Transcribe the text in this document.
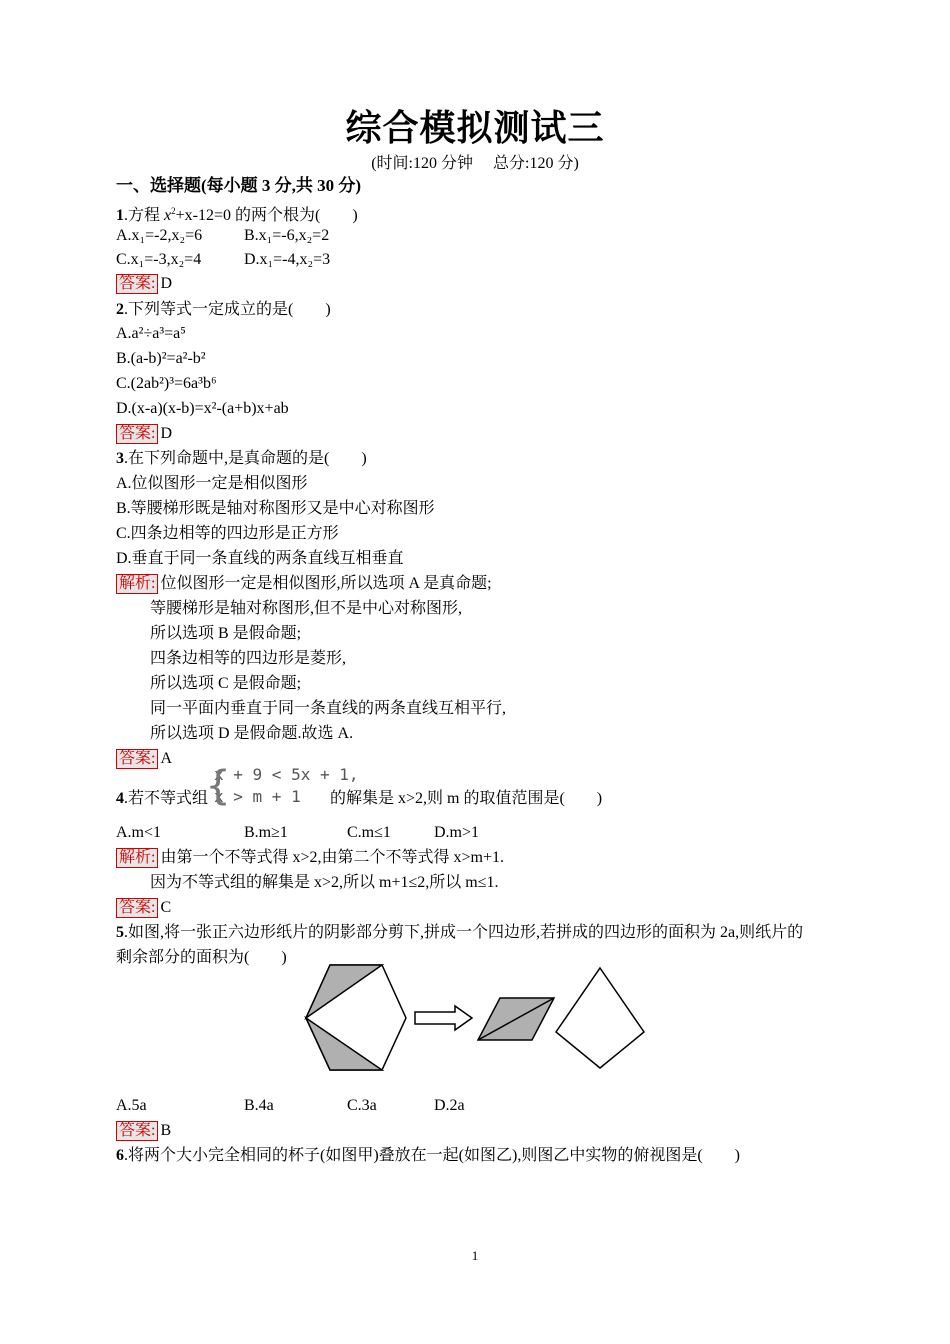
综合模拟测试三
(时间:120 分钟　 总分:120 分)
一、选择题(每小题 3 分,共 30 分)
1.方程 $x^2+x-12=0$ 的两个根为(　　)
A.x₁=-2,x₂=6	B.x₁=-6,x₂=2
C.x₁=-3,x₂=4	D.x₁=-4,x₂=3
答案: D
2.下列等式一定成立的是(　　)
A.a²÷a³=a⁵
B.(a-b)²=a²-b²
C.(2ab²)³=6a³b⁶
D.(x-a)(x-b)=x²-(a+b)x+ab
答案: D
3.在下列命题中,是真命题的是(　　)
A.位似图形一定是相似图形
B.等腰梯形既是轴对称图形又是中心对称图形
C.四条边相等的四边形是正方形
D.垂直于同一条直线的两条直线互相垂直
解析: 位似图形一定是相似图形,所以选项 A 是真命题;
等腰梯形是轴对称图形,但不是中心对称图形,
所以选项 B 是假命题;
四条边相等的四边形是菱形,
所以选项 C 是假命题;
同一平面内垂直于同一条直线的两条直线互相平行,
所以选项 D 是假命题.故选 A.
答案: A
{
x + 9 < 5x + 1,
x > m + 1
4.若不等式组	的解集是 x>2,则 m 的取值范围是(　　)
A.m<1	B.m≥1	C.m≤1	D.m>1
解析: 由第一个不等式得 x>2,由第二个不等式得 x>m+1.
因为不等式组的解集是 x>2,所以 m+1≤2,所以 m≤1.
答案: C
5.如图,将一张正六边形纸片的阴影部分剪下,拼成一个四边形,若拼成的四边形的面积为 2a,则纸片的
剩余部分的面积为(　　)
A.5a	B.4a	C.3a	D.2a
答案: B
6.将两个大小完全相同的杯子(如图甲)叠放在一起(如图乙),则图乙中实物的俯视图是(　　)
1
